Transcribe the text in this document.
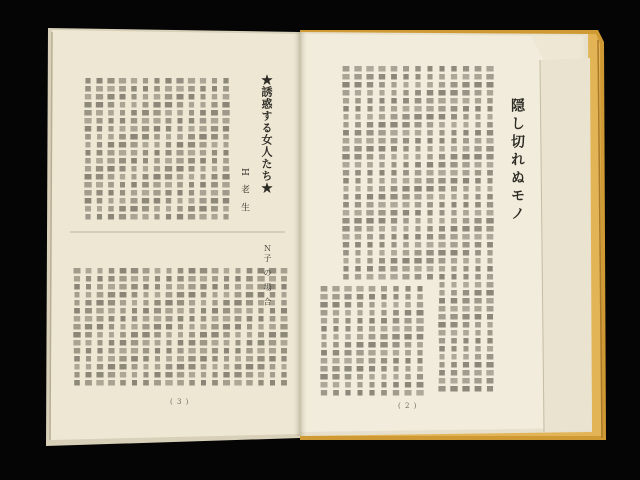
★誘惑する女人たち★
H 老 生
Ｎ子 の 場 合
隠し切れぬモノ
( 3 )	( 2 )
